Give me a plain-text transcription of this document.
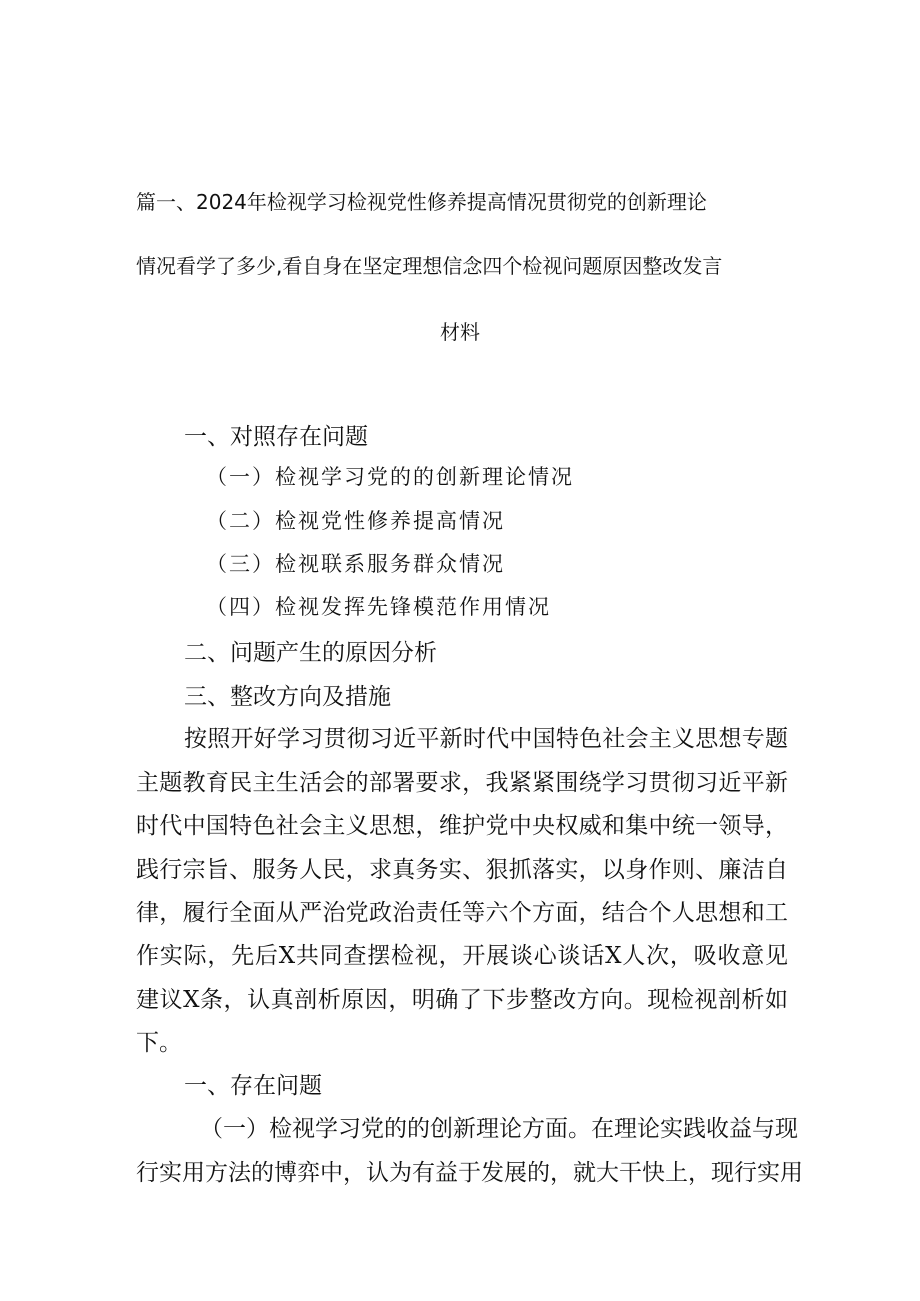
篇一、2024年检视学习检视党性修养提高情况贯彻党的创新理论

情况看学了多少,看自身在坚定理想信念四个检视问题原因整改发言

材料

一、对照存在问题

（一）检视学习党的的创新理论情况

（二）检视党性修养提高情况

（三）检视联系服务群众情况

（四）检视发挥先锋模范作用情况

二、问题产生的原因分析

三、整改方向及措施

按照开好学习贯彻习近平新时代中国特色社会主义思想专题

主题教育民主生活会的部署要求，我紧紧围绕学习贯彻习近平新

时代中国特色社会主义思想，维护党中央权威和集中统一领导，

践行宗旨、服务人民，求真务实、狠抓落实，以身作则、廉洁自

律，履行全面从严治党政治责任等六个方面，结合个人思想和工

作实际，先后X共同查摆检视，开展谈心谈话X人次，吸收意见

建议X条，认真剖析原因，明确了下步整改方向。现检视剖析如

下。

一、存在问题

（一）检视学习党的的创新理论方面。在理论实践收益与现

行实用方法的博弈中，认为有益于发展的，就大干快上，现行实用
